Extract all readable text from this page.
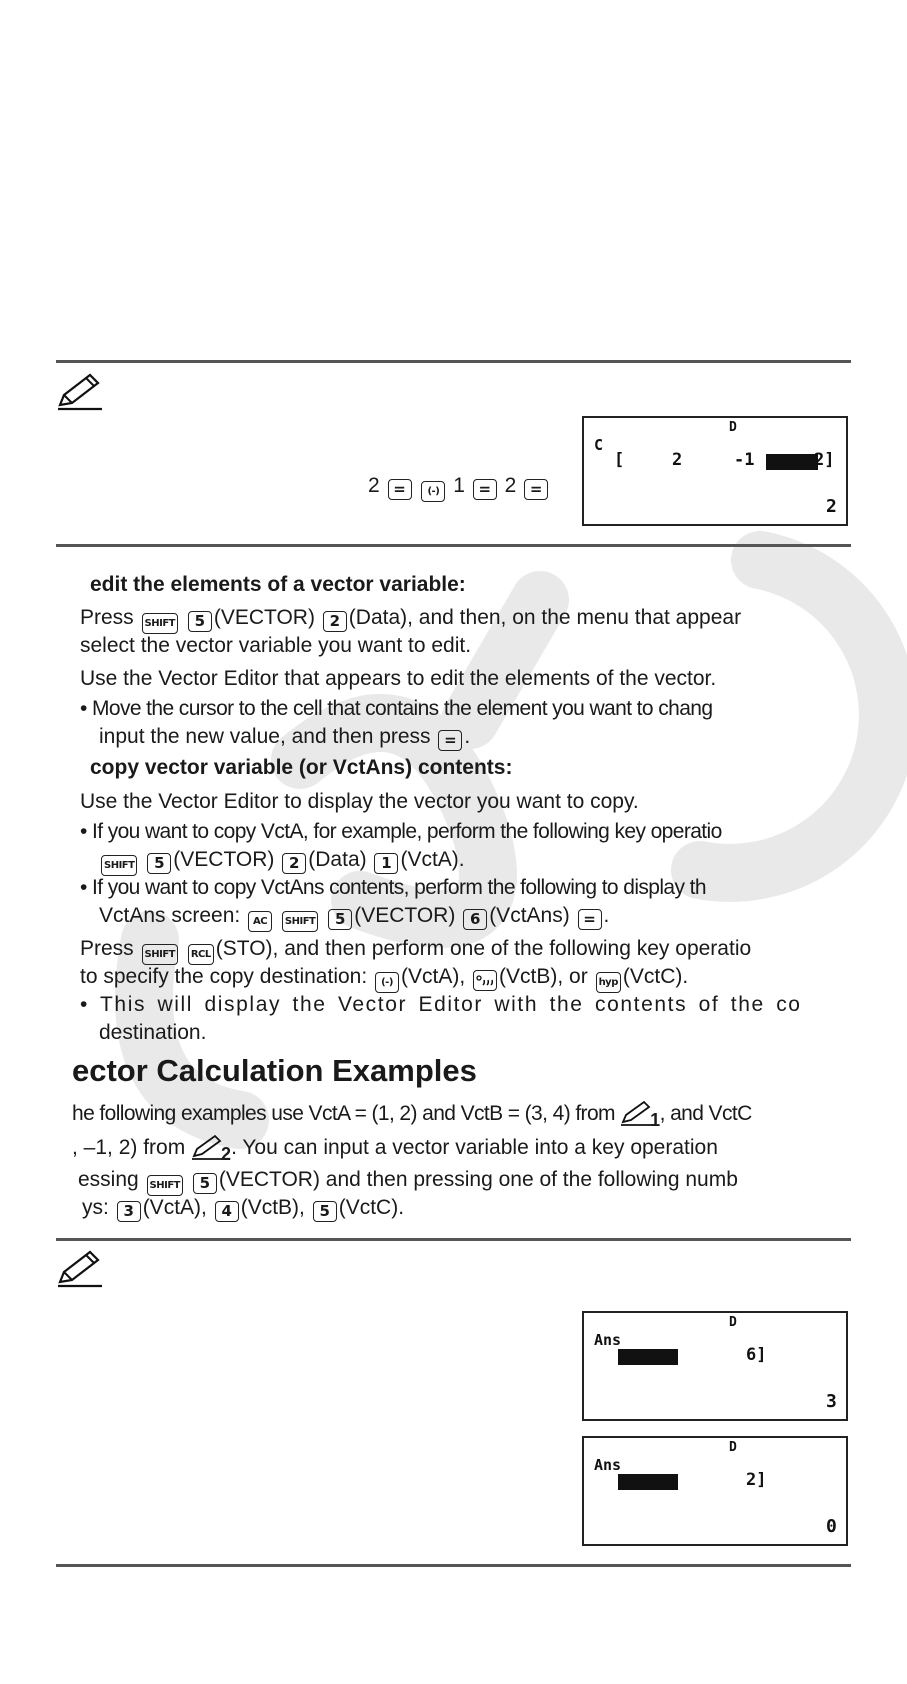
2 = (-) 1 = 2 =
D
C
[	2	-1	2]
2
edit the elements of a vector variable:
Press SHIFT 5 (VECTOR) 2 (Data), and then, on the menu that appear
select the vector variable you want to edit.
Use the Vector Editor that appears to edit the elements of the vector.
• Move the cursor to the cell that contains the element you want to chang
input the new value, and then press = .
copy vector variable (or VctAns) contents:
Use the Vector Editor to display the vector you want to copy.
• If you want to copy VctA, for example, perform the following key operatio
SHIFT 5 (VECTOR) 2 (Data) 1 (VctA).
• If you want to copy VctAns contents, perform the following to display th
VctAns screen: AC SHIFT 5 (VECTOR) 6 (VctAns) = .
Press SHIFT RCL (STO), and then perform one of the following key operatio
to specify the copy destination: (-) (VctA), (VctB), or hyp (VctC).
• This will display the Vector Editor with the contents of the co
destination.
ector Calculation Examples
he following examples use VctA = (1, 2) and VctB = (3, 4) from 1, and VctC
, –1, 2) from 2. You can input a vector variable into a key operation
essing SHIFT 5 (VECTOR) and then pressing one of the following numb
ys: 3 (VctA), 4 (VctB), 5 (VctC).
D
Ans
6]
3
D
Ans
2]
0
